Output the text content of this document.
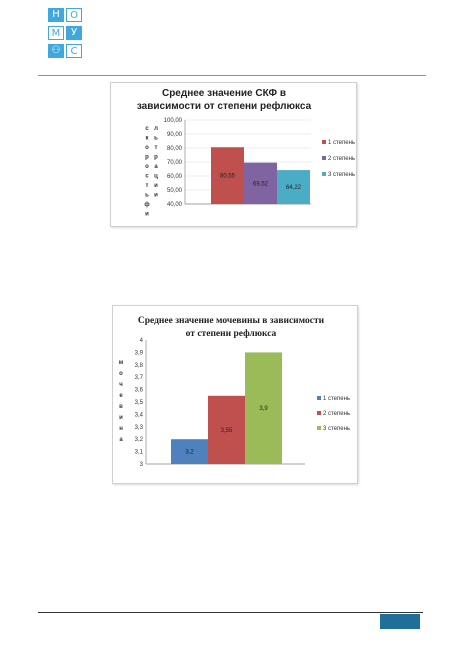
Н	О
М	У
⚇	С
Среднее значение СКФ в
зависимости от степени рефлюкса
40,00
50,00
60,00
70,00
80,00
90,00
100,00
с
к
о
р
о
с
т
ь
ф
и
л
ь
т
р
а
ц
и
и
80,55
1 степень
69,52
2 степень
64,22
3 степень
Среднее значение мочевины в зависимости
от степени рефлюкса
3
3,1
3,2
3,3
3,4
3,5
3,6
3,7
3,8
3,9
4
м
о
ч
е
в
и
н
а
3,2
1 степень
3,55
2 степень
3,9
3 степень
